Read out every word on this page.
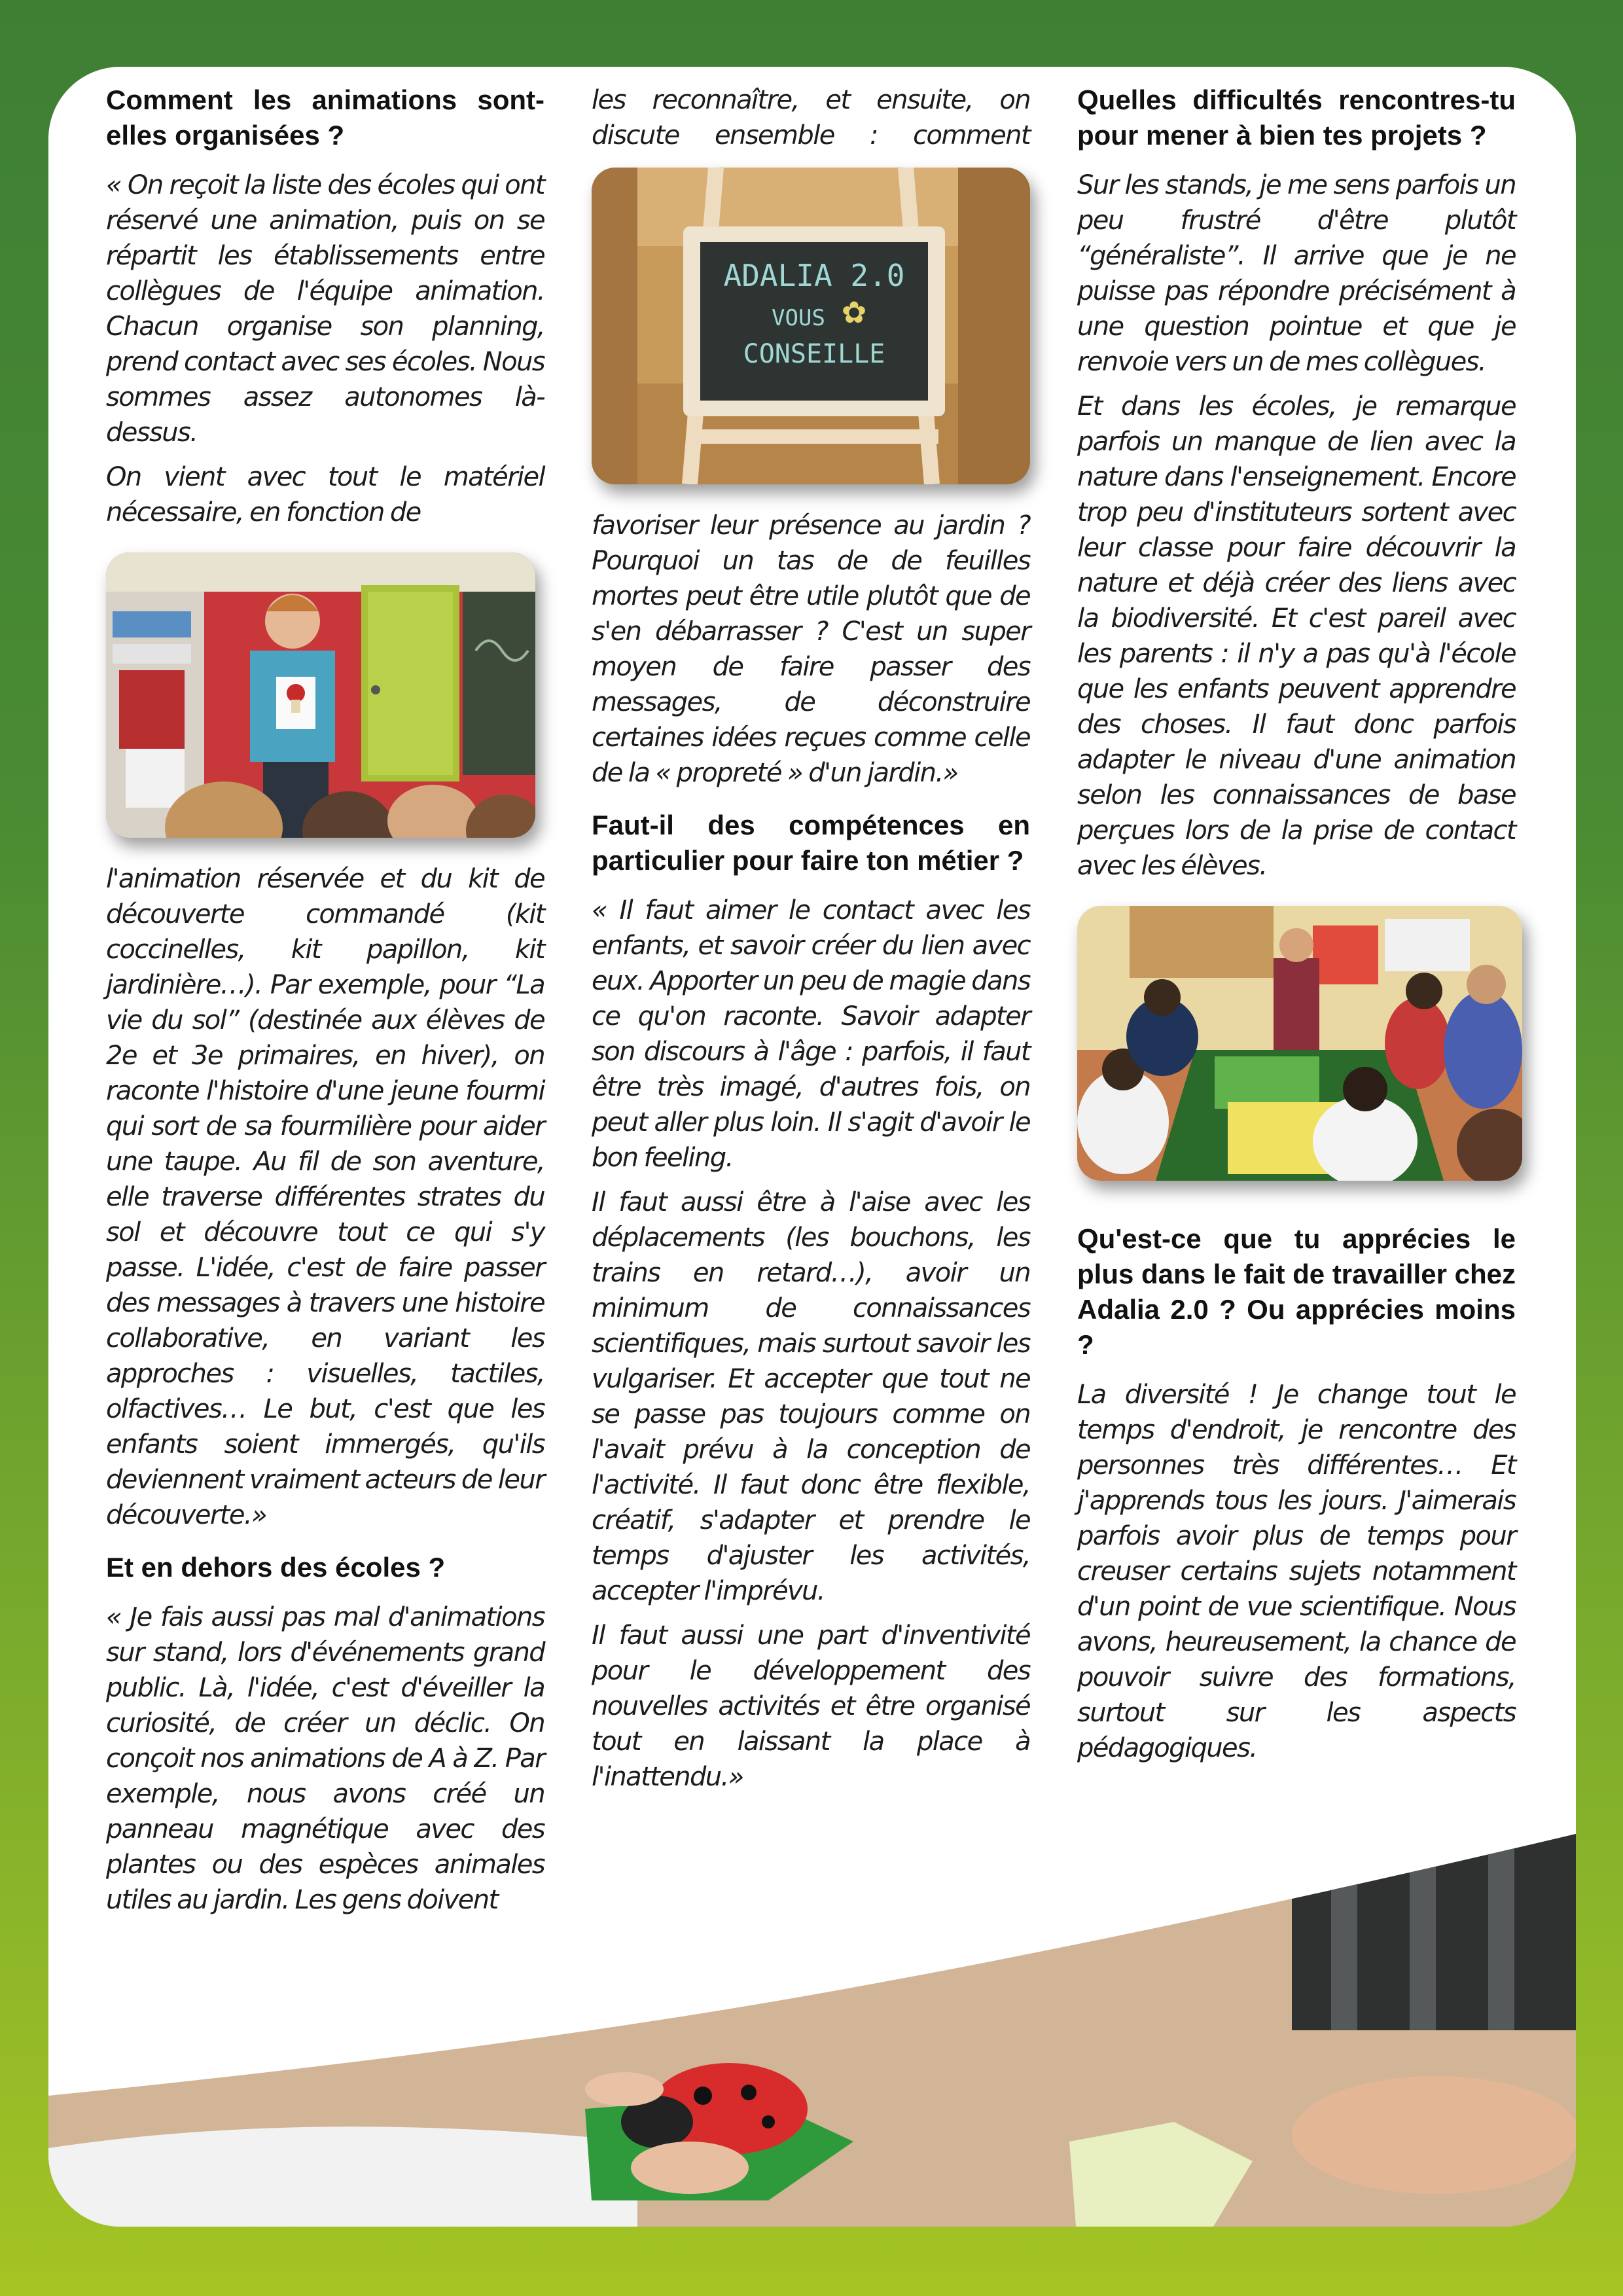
Comment les animations sont-elles organisées ?

« On reçoit la liste des écoles qui ont réservé une animation, puis on se répartit les établissements entre collègues de l'équipe animation. Chacun organise son planning, prend contact avec ses écoles. Nous sommes assez autonomes là-dessus.

On vient avec tout le matériel nécessaire, en fonction de

l'animation réservée et du kit de découverte commandé (kit coccinelles, kit papillon, kit jardinière…). Par exemple, pour “La vie du sol” (destinée aux élèves de 2e et 3e primaires, en hiver), on raconte l'histoire d'une jeune fourmi qui sort de sa fourmilière pour aider une taupe. Au fil de son aventure, elle traverse différentes strates du sol et découvre tout ce qui s'y passe. L'idée, c'est de faire passer des messages à travers une histoire collaborative, en variant les approches : visuelles, tactiles, olfactives… Le but, c'est que les enfants soient immergés, qu'ils deviennent vraiment acteurs de leur découverte.»

Et en dehors des écoles ?

« Je fais aussi pas mal d'animations sur stand, lors d'événements grand public. Là, l'idée, c'est d'éveiller la curiosité, de créer un déclic. On conçoit nos animations de A à Z. Par exemple, nous avons créé un panneau magnétique avec des plantes ou des espèces animales utiles au jardin. Les gens doivent

les reconnaître, et ensuite, on discute ensemble : comment

ADALIA 2.0
VOUS ✿
CONSEILLE

favoriser leur présence au jardin ? Pourquoi un tas de de feuilles mortes peut être utile plutôt que de s'en débarrasser ? C'est un super moyen de faire passer des messages, de déconstruire certaines idées reçues comme celle de la « propreté » d'un jardin.»

Faut-il des compétences en particulier pour faire ton métier ?

« Il faut aimer le contact avec les enfants, et savoir créer du lien avec eux. Apporter un peu de magie dans ce qu'on raconte. Savoir adapter son discours à l'âge : parfois, il faut être très imagé, d'autres fois, on peut aller plus loin. Il s'agit d'avoir le bon feeling.

Il faut aussi être à l'aise avec les déplacements (les bouchons, les trains en retard…), avoir un minimum de connaissances scientifiques, mais surtout savoir les vulgariser. Et accepter que tout ne se passe pas toujours comme on l'avait prévu à la conception de l'activité. Il faut donc être flexible, créatif, s'adapter et prendre le temps d'ajuster les activités, accepter l'imprévu.

Il faut aussi une part d'inventivité pour le développement des nouvelles activités et être organisé tout en laissant la place à l'inattendu.»

Quelles difficultés rencontres-tu pour mener à bien tes projets ?

Sur les stands, je me sens parfois un peu frustré d'être plutôt “généraliste”. Il arrive que je ne puisse pas répondre précisément à une question pointue et que je renvoie vers un de mes collègues.

Et dans les écoles, je remarque parfois un manque de lien avec la nature dans l'enseignement. Encore trop peu d'instituteurs sortent avec leur classe pour faire découvrir la nature et déjà créer des liens avec la biodiversité. Et c'est pareil avec les parents : il n'y a pas qu'à l'école que les enfants peuvent apprendre des choses. Il faut donc parfois adapter le niveau d'une animation selon les connaissances de base perçues lors de la prise de contact avec les élèves.

Qu'est-ce que tu apprécies le plus dans le fait de travailler chez Adalia 2.0 ? Ou apprécies moins ?

La diversité ! Je change tout le temps d'endroit, je rencontre des personnes très différentes… Et j'apprends tous les jours. J'aimerais parfois avoir plus de temps pour creuser certains sujets notamment d'un point de vue scientifique. Nous avons, heureusement, la chance de pouvoir suivre des formations, surtout sur les aspects pédagogiques.
